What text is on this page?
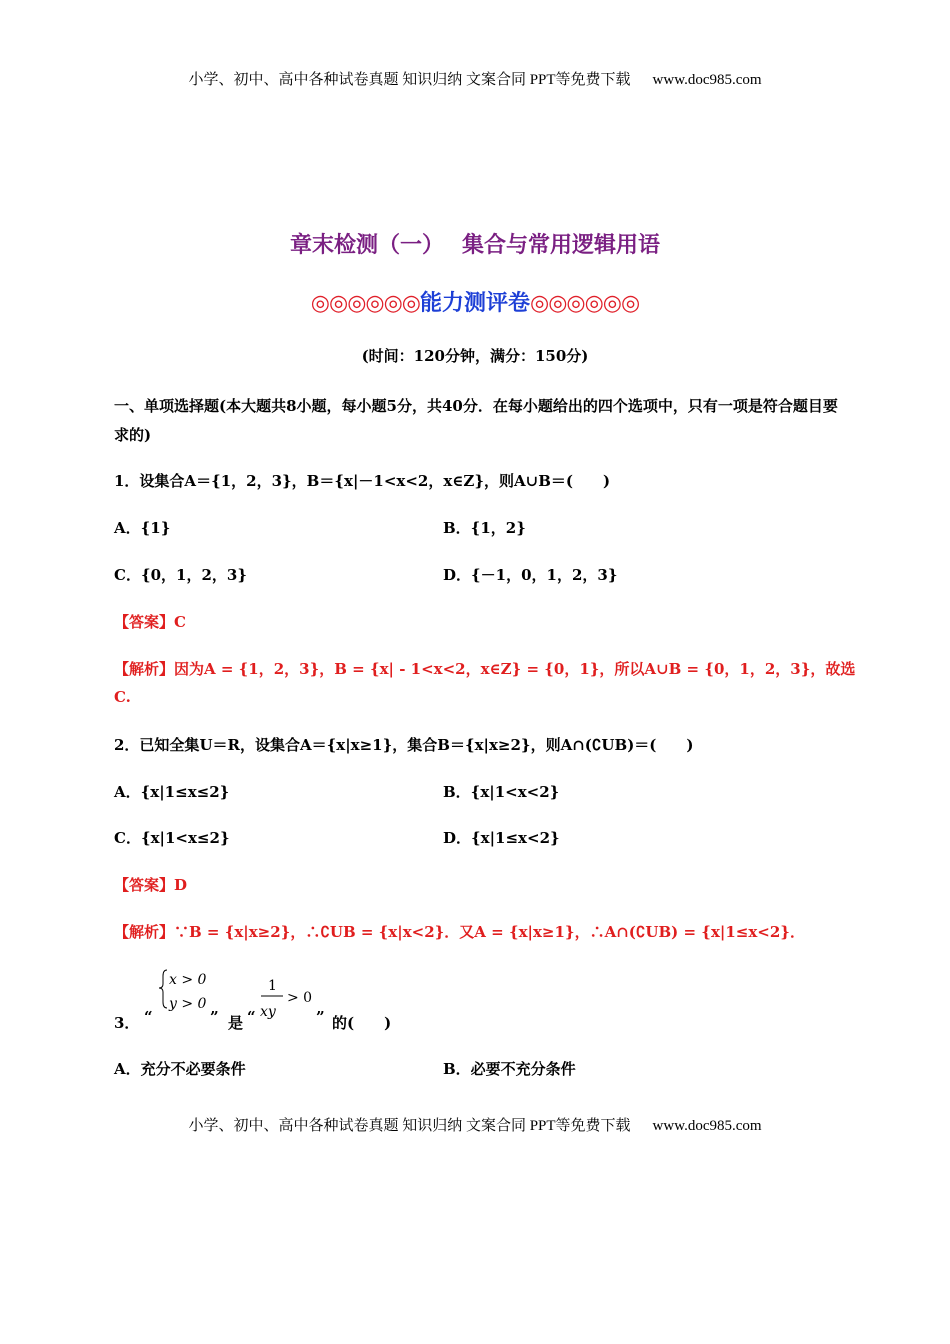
小学、初中、高中各种试卷真题 知识归纳 文案合同 PPT等免费下载 www.doc985.com
章末检测（一） 集合与常用逻辑用语
◎◎◎◎◎◎能力测评卷◎◎◎◎◎◎
(时间：120分钟，满分：150分)
一、单项选择题(本大题共8小题，每小题5分，共40分．在每小题给出的四个选项中，只有一项是符合题目要求的)
1．设集合A＝{1，2，3}，B＝{x|－1<x<2，x∈Z}，则A∪B＝(　　)
A．{1}	B．{1，2}
C．{0，1，2，3}	D．{－1，0，1，2，3}
【答案】C
【解析】因为A = {1，2，3}，B = {x| - 1<x<2，x∈Z} = {0，1}，所以A∪B = {0，1，2，3}，故选
C.
2．已知全集U＝R，设集合A＝{x|x≥1}，集合B＝{x|x≥2}，则A∩(∁UB)＝(　　)
A．{x|1≤x≤2}	B．{x|1<x<2}
C．{x|1<x≤2}	D．{x|1≤x<2}
【答案】D
【解析】∵B = {x|x≥2}，∴∁UB = {x|x<2}．又A = {x|x≥1}，∴A∩(∁UB) = {x|1≤x<2}．
x > 0
y > 0
1
xy
> 0
3． “	” 是 “	” 的(　　)
A．充分不必要条件	B．必要不充分条件
小学、初中、高中各种试卷真题 知识归纳 文案合同 PPT等免费下载 www.doc985.com
